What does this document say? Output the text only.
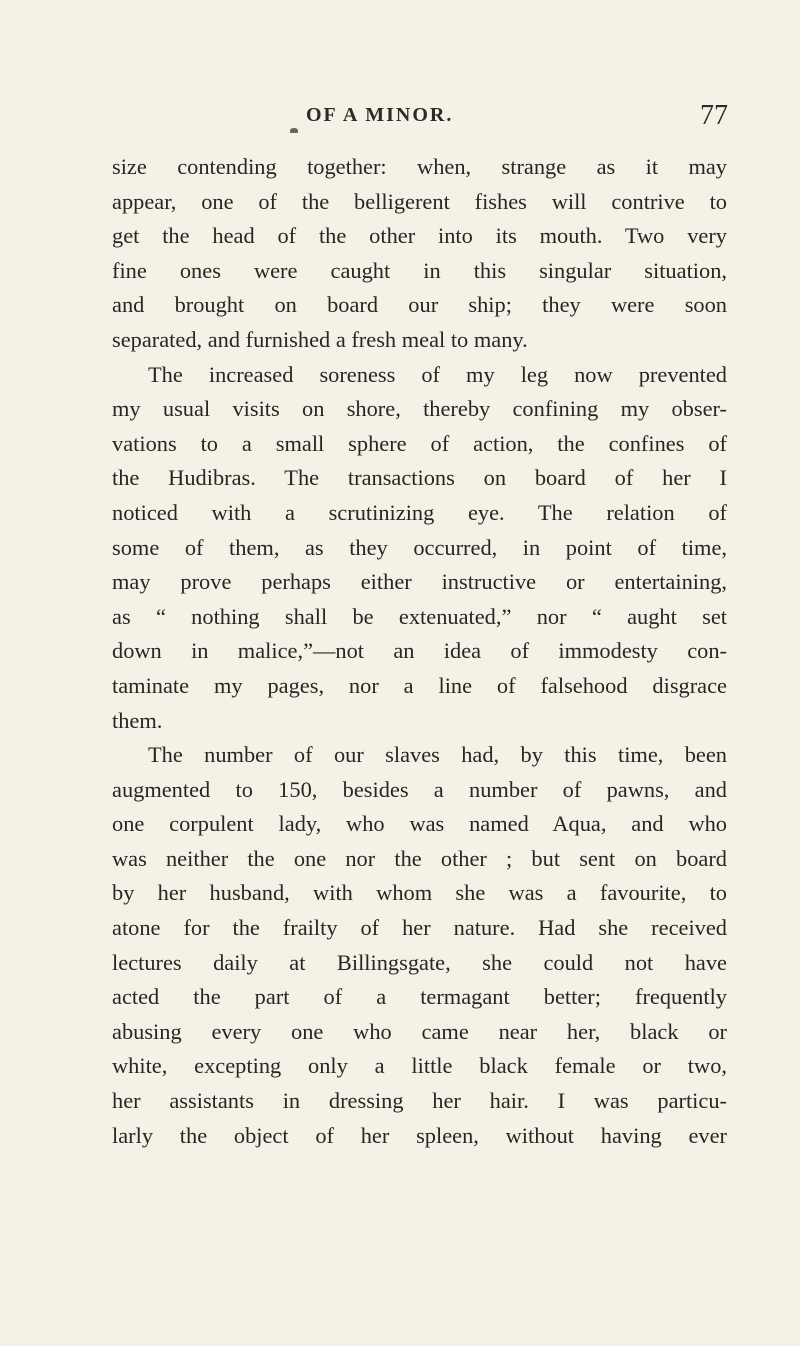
OF A MINOR.	77
size contending together: when, strange as it may
appear, one of the belligerent fishes will contrive to
get the head of the other into its mouth. Two very
fine ones were caught in this singular situation,
and brought on board our ship; they were soon
separated, and furnished a fresh meal to many.
The increased soreness of my leg now prevented
my usual visits on shore, thereby confining my obser-
vations to a small sphere of action, the confines of
the Hudibras. The transactions on board of her I
noticed with a scrutinizing eye. The relation of
some of them, as they occurred, in point of time,
may prove perhaps either instructive or entertaining,
as “ nothing shall be extenuated,” nor “ aught set
down in malice,”—not an idea of immodesty con-
taminate my pages, nor a line of falsehood disgrace
them.
The number of our slaves had, by this time, been
augmented to 150, besides a number of pawns, and
one corpulent lady, who was named Aqua, and who
was neither the one nor the other ; but sent on board
by her husband, with whom she was a favourite, to
atone for the frailty of her nature. Had she received
lectures daily at Billingsgate, she could not have
acted the part of a termagant better; frequently
abusing every one who came near her, black or
white, excepting only a little black female or two,
her assistants in dressing her hair. I was particu-
larly the object of her spleen, without having ever
